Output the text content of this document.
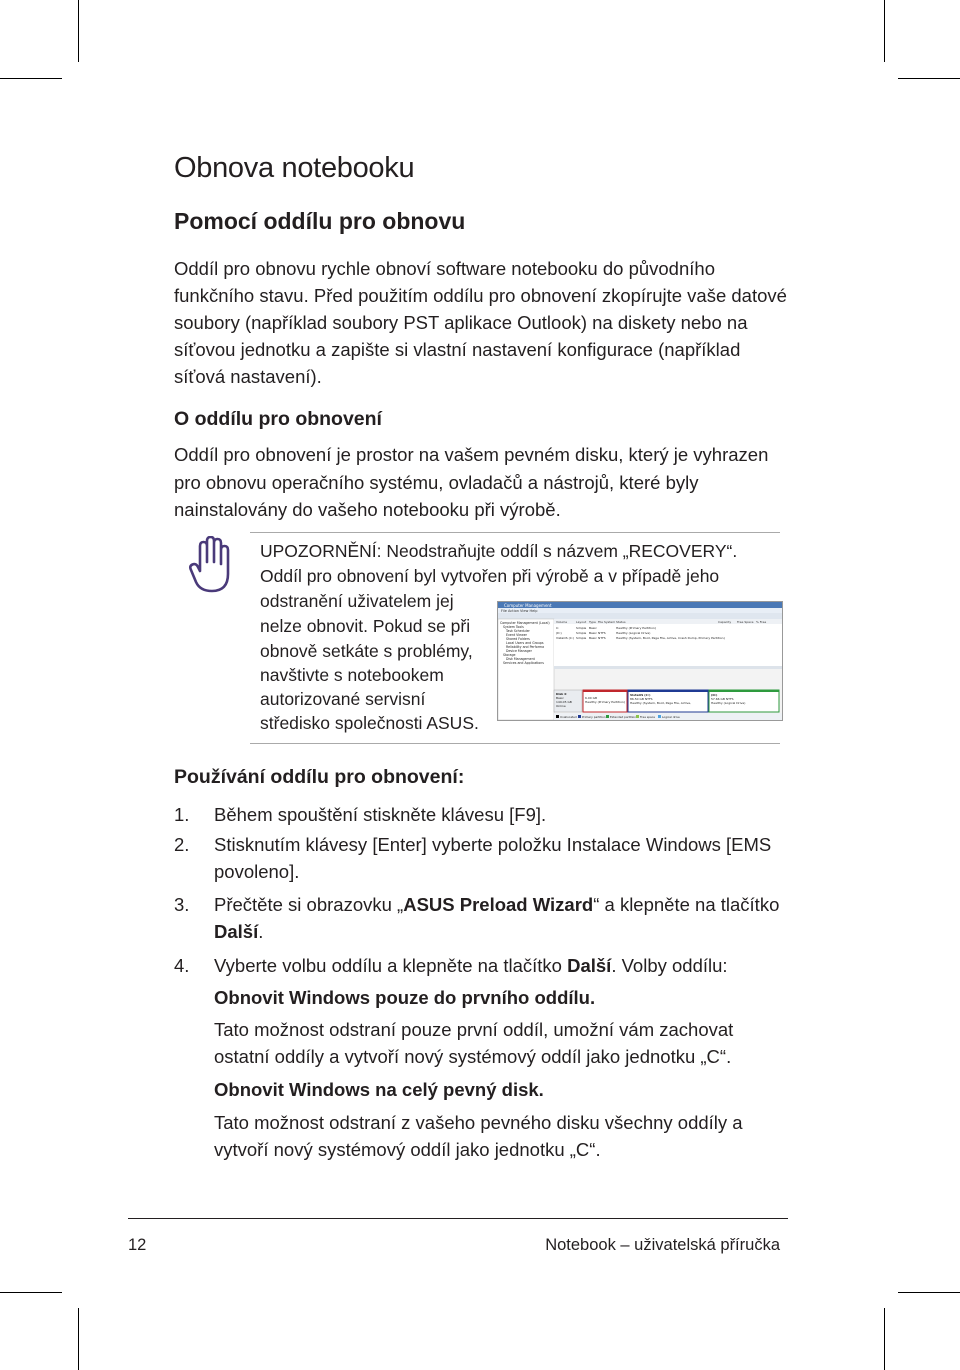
Obnova notebooku
Pomocí oddílu pro obnovu

Oddíl pro obnovu rychle obnoví software notebooku do původního funkčního stavu. Před použitím oddílu pro obnovení zkopírujte vaše datové soubory (například soubory PST aplikace Outlook) na diskety nebo na síťovou jednotku a zapište si vlastní nastavení konfigurace (například síťová nastavení).

O oddílu pro obnovení

Oddíl pro obnovení je prostor na vašem pevném disku, který je vyhrazen pro obnovu operačního systému, ovladačů a nástrojů, které byly nainstalovány do vašeho notebooku při výrobě.

UPOZORNĚNÍ: Neodstraňujte oddíl s názvem „RECOVERY“.
Oddíl pro obnovení byl vytvořen při výrobě a v případě jeho
odstranění uživatelem jej
nelze obnovit. Pokud se při
obnově setkáte s problémy,
navštivte s notebookem
autorizované servisní
středisko společnosti ASUS.
Computer Management
File Action View Help
Computer Management (Local)
System Tools
Task Scheduler
Event Viewer
Shared Folders
Local Users and Groups
Reliability and Performa
Device Manager
Storage
Disk Management
Services and Applications
Volume	Layout Type File System Status	Capacity Free Space % Free
C:	Simple Basic	Healthy (Primary Partition)
(D:)	Simple Basic NTFS	Healthy (Logical Drive)
VistaOS (C:) Simple Basic NTFS	Healthy (System, Boot, Page File, Active, Crash Dump, Primary Partition)
Disk 0
Basic
149.05 GB
Online
6.00 GB
Healthy (Primary Partition)
VistaOS (C:)
86.50 GB NTFS
Healthy (System, Boot, Page File, Active,
(D:)
57.66 GB NTFS
Healthy (Logical Drive)
Unallocated Primary partition Extended partition Free space Logical drive
Používání oddílu pro obnovení:
1. Během spouštění stiskněte klávesu [F9].
2. Stisknutím klávesy [Enter] vyberte položku Instalace Windows [EMS povoleno].
3. Přečtěte si obrazovku „ASUS Preload Wizard“ a klepněte na tlačítko Další.
4. Vyberte volbu oddílu a klepněte na tlačítko Další. Volby oddílu:
Obnovit Windows pouze do prvního oddílu.
Tato možnost odstraní pouze první oddíl, umožní vám zachovat ostatní oddíly a vytvoří nový systémový oddíl jako jednotku „C“.
Obnovit Windows na celý pevný disk.
Tato možnost odstraní z vašeho pevného disku všechny oddíly a vytvoří nový systémový oddíl jako jednotku „C“.
12	Notebook – uživatelská příručka
